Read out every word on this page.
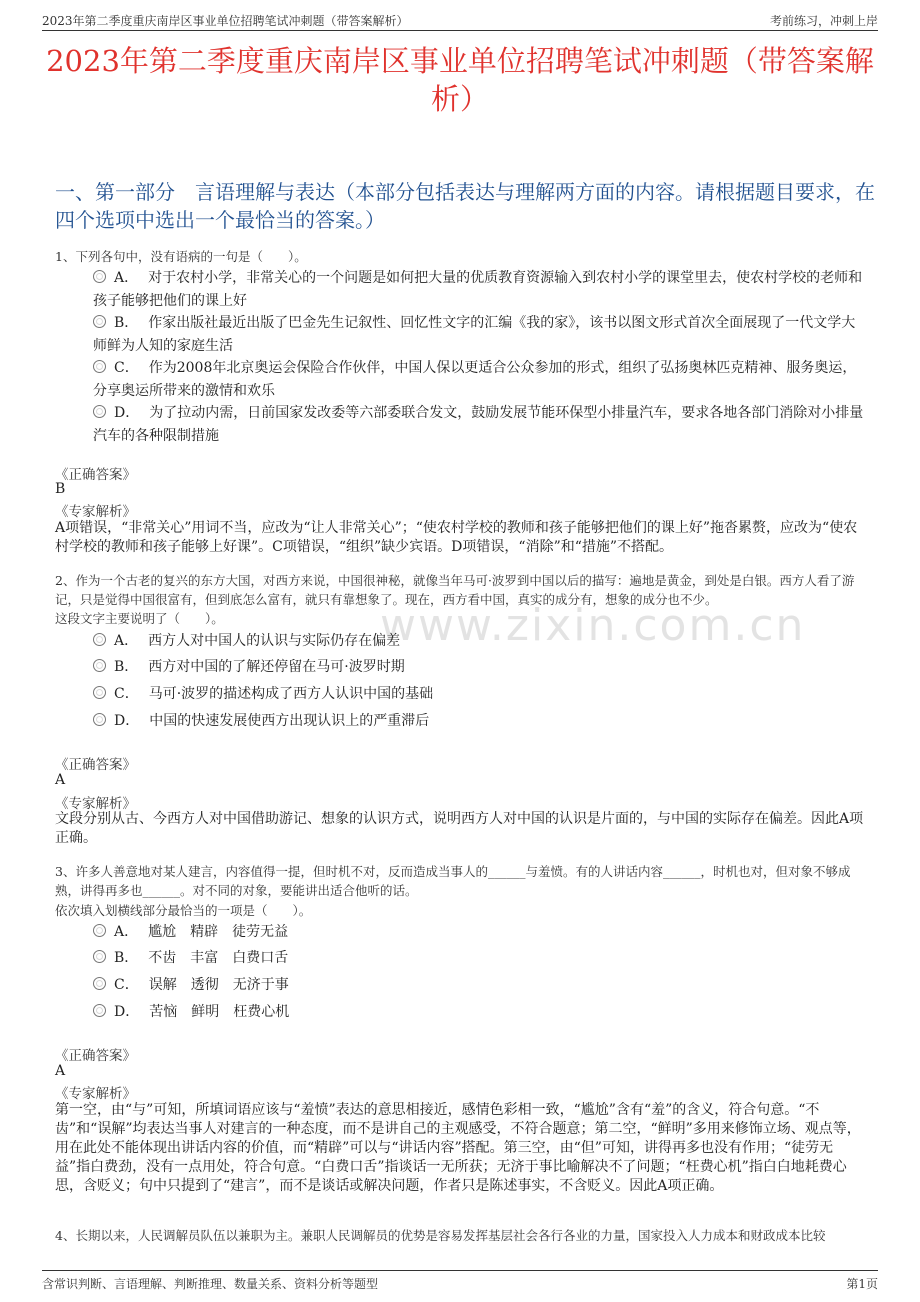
2023年第二季度重庆南岸区事业单位招聘笔试冲刺题（带答案解析）	考前练习，冲刺上岸
2023年第二季度重庆南岸区事业单位招聘笔试冲刺题（带答案解析）
一、第一部分　言语理解与表达（本部分包括表达与理解两方面的内容。请根据题目要求，在四个选项中选出一个最恰当的答案。）
www.zixin.com.cn
1、下列各句中，没有语病的一句是（　　）。
A． 对于农村小学，非常关心的一个问题是如何把大量的优质教育资源输入到农村小学的课堂里去，使农村学校的老师和孩子能够把他们的课上好
B． 作家出版社最近出版了巴金先生记叙性、回忆性文字的汇编《我的家》，该书以图文形式首次全面展现了一代文学大师鲜为人知的家庭生活
C． 作为2008年北京奥运会保险合作伙伴，中国人保以更适合公众参加的形式，组织了弘扬奥林匹克精神、服务奥运，分享奥运所带来的激情和欢乐
D． 为了拉动内需，日前国家发改委等六部委联合发文，鼓励发展节能环保型小排量汽车，要求各地各部门消除对小排量汽车的各种限制措施
《正确答案》
B
《专家解析》
A项错误，“非常关心”用词不当，应改为“让人非常关心”；“使农村学校的教师和孩子能够把他们的课上好”拖沓累赘，应改为“使农村学校的教师和孩子能够上好课”。C项错误，“组织”缺少宾语。D项错误，“消除”和“措施”不搭配。
2、作为一个古老的复兴的东方大国，对西方来说，中国很神秘，就像当年马可·波罗到中国以后的描写：遍地是黄金，到处是白银。西方人看了游记，只是觉得中国很富有，但到底怎么富有，就只有靠想象了。现在，西方看中国，真实的成分有，想象的成分也不少。
这段文字主要说明了（　　）。
A． 西方人对中国人的认识与实际仍存在偏差
B． 西方对中国的了解还停留在马可·波罗时期
C． 马可·波罗的描述构成了西方人认识中国的基础
D． 中国的快速发展使西方出现认识上的严重滞后
《正确答案》
A
《专家解析》
文段分别从古、今西方人对中国借助游记、想象的认识方式，说明西方人对中国的认识是片面的，与中国的实际存在偏差。因此A项正确。
3、许多人善意地对某人建言，内容值得一提，但时机不对，反而造成当事人的______与羞愤。有的人讲话内容______，时机也对，但对象不够成熟，讲得再多也______。对不同的对象，要能讲出适合他听的话。
依次填入划横线部分最恰当的一项是（　　）。
A． 尴尬　精辟　徒劳无益
B． 不齿　丰富　白费口舌
C． 误解　透彻　无济于事
D． 苦恼　鲜明　枉费心机
《正确答案》
A
《专家解析》
第一空，由“与”可知，所填词语应该与“羞愤”表达的意思相接近，感情色彩相一致，“尴尬”含有“羞”的含义，符合句意。“不齿”和“误解”均表达当事人对建言的一种态度，而不是讲自己的主观感受，不符合题意；第二空，“鲜明”多用来修饰立场、观点等，用在此处不能体现出讲话内容的价值，而“精辟”可以与“讲话内容”搭配。第三空，由“但”可知，讲得再多也没有作用；“徒劳无益”指白费劲，没有一点用处，符合句意。“白费口舌”指谈话一无所获；无济于事比喻解决不了问题；“枉费心机”指白白地耗费心思，含贬义；句中只提到了“建言”，而不是谈话或解决问题，作者只是陈述事实，不含贬义。因此A项正确。
4、长期以来，人民调解员队伍以兼职为主。兼职人民调解员的优势是容易发挥基层社会各行各业的力量，国家投入人力成本和财政成本比较
含常识判断、言语理解、判断推理、数量关系、资料分析等题型	第1页
